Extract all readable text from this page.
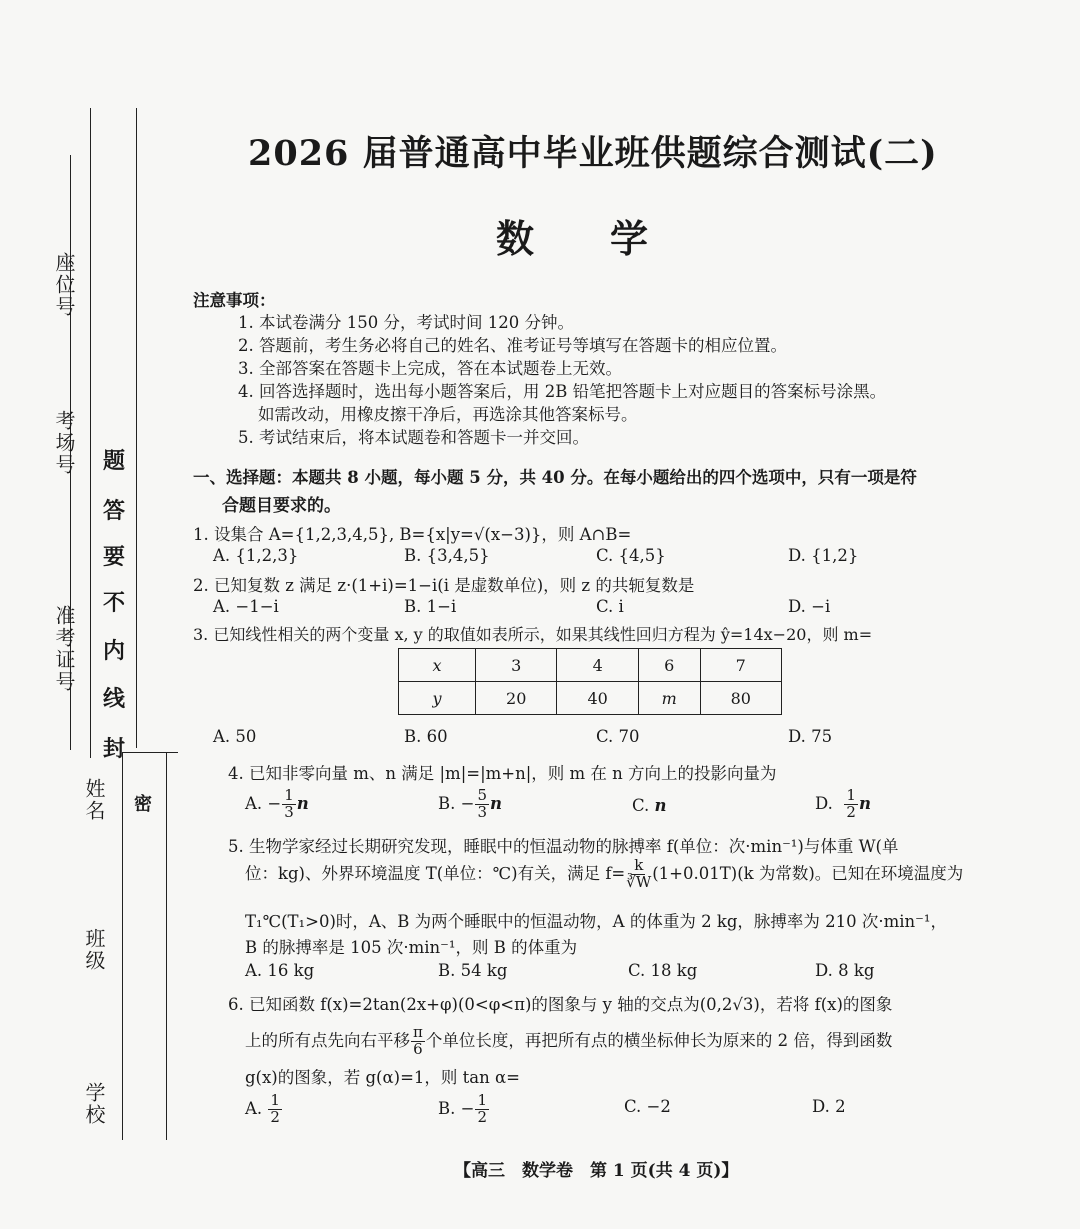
座位号
考场号
准考证号
姓名
班级
学校
题
答
要
不
内
线
封
密
2026 届普通高中毕业班供题综合测试(二)
数　　学
注意事项：
1. 本试卷满分 150 分，考试时间 120 分钟。
2. 答题前，考生务必将自己的姓名、准考证号等填写在答题卡的相应位置。
3. 全部答案在答题卡上完成，答在本试题卷上无效。
4. 回答选择题时，选出每小题答案后，用 2B 铅笔把答题卡上对应题目的答案标号涂黑。
如需改动，用橡皮擦干净后，再选涂其他答案标号。
5. 考试结束后，将本试题卷和答题卡一并交回。
一、选择题：本题共 8 小题，每小题 5 分，共 40 分。在每小题给出的四个选项中，只有一项是符
合题目要求的。
1. 设集合 A={1,2,3,4,5}, B={x|y=√(x−3)}，则 A∩B=
A. {1,2,3}	B. {3,4,5}	C. {4,5}	D. {1,2}
2. 已知复数 z 满足 z·(1+i)=1−i(i 是虚数单位)，则 z 的共轭复数是
A. −1−i	B. 1−i	C. i	D. −i
3. 已知线性相关的两个变量 x, y 的取值如表所示，如果其线性回归方程为 ŷ=14x−20，则 m=
x	3	4	6	7
y	20	40	m	80
A. 50	B. 60	C. 70	D. 75
4. 已知非零向量 m、n 满足 |m|=|m+n|，则 m 在 n 方向上的投影向量为
A. − $\frac{1}{3}$ n	B. − $\frac{5}{3}$ n	C. n	D. $\frac{1}{2}$ n
5. 生物学家经过长期研究发现，睡眠中的恒温动物的脉搏率 f(单位：次·min⁻¹)与体重 W(单
位：kg)、外界环境温度 T(单位：℃)有关，满足 $f= \frac{k}{∛W} (1+0.01T)(k$ 为常数)。已知在环境温度为
T₁℃(T₁>0)时，A、B 为两个睡眠中的恒温动物，A 的体重为 2 kg，脉搏率为 210 次·min⁻¹，
B 的脉搏率是 105 次·min⁻¹，则 B 的体重为
A. 16 kg	B. 54 kg	C. 18 kg	D. 8 kg
6. 已知函数 f(x)=2tan(2x+φ)(0<φ<π)的图象与 y 轴的交点为(0,2√3)，若将 f(x)的图象
上的所有点先向右平移 $\frac{\pi}{6}$ 个单位长度，再把所有点的横坐标伸长为原来的 2 倍，得到函数
g(x)的图象，若 g(α)=1，则 tan α=
A. $\frac{1}{2}$	B. − $\frac{1}{2}$	C. −2	D. 2
【高三　数学卷　第 1 页(共 4 页)】
